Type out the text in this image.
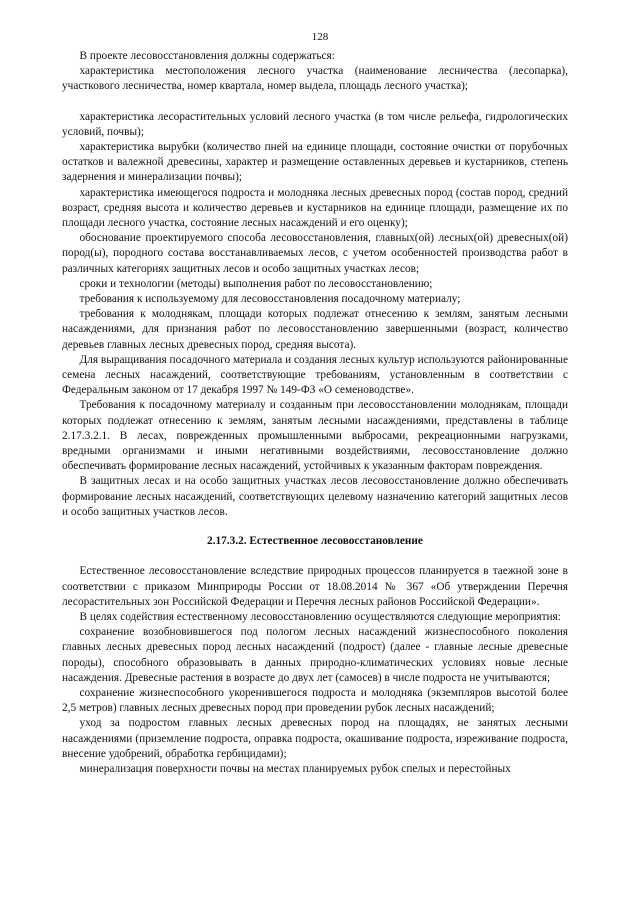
128

В проекте лесовосстановления должны содержаться:

характеристика местоположения лесного участка (наименование лесничества (лесопарка), участкового лесничества, номер квартала, номер выдела, площадь лесного участка);

характеристика лесорастительных условий лесного участка (в том числе рельефа, гидрологических условий, почвы);

характеристика вырубки (количество пней на единице площади, состояние очистки от порубочных остатков и валежной древесины, характер и размещение оставленных деревьев и кустарников, степень задернения и минерализации почвы);

характеристика имеющегося подроста и молодняка лесных древесных пород (состав пород, средний возраст, средняя высота и количество деревьев и кустарников на единице площади, размещение их по площади лесного участка, состояние лесных насаждений и его оценку);

обоснование проектируемого способа лесовосстановления, главных(ой) лесных(ой) древесных(ой) пород(ы), породного состава восстанавливаемых лесов, с учетом особенностей производства работ в различных категориях защитных лесов и особо защитных участках лесов;

сроки и технологии (методы) выполнения работ по лесовосстановлению;

требования к используемому для лесовосстановления посадочному материалу;

требования к молоднякам, площади которых подлежат отнесению к землям, занятым лесными насаждениями, для признания работ по лесовосстановлению завершенными (возраст, количество деревьев главных лесных древесных пород, средняя высота).

Для выращивания посадочного материала и создания лесных культур используются районированные семена лесных насаждений, соответствующие требованиям, установленным в соответствии с Федеральным законом от 17 декабря 1997 № 149-ФЗ «О семеноводстве».

Требования к посадочному материалу и созданным при лесовосстановлении молоднякам, площади которых подлежат отнесению к землям, занятым лесными насаждениями, представлены в таблице 2.17.3.2.1. В лесах, поврежденных промышленными выбросами, рекреационными нагрузками, вредными организмами и иными негативными воздействиями, лесовосстановление должно обеспечивать формирование лесных насаждений, устойчивых к указанным факторам повреждения.

В защитных лесах и на особо защитных участках лесов лесовосстановление должно обеспечивать формирование лесных насаждений, соответствующих целевому назначению категорий защитных лесов и особо защитных участков лесов.

2.17.3.2. Естественное лесовосстановление

Естественное лесовосстановление вследствие природных процессов планируется в таежной зоне в соответствии с приказом Минприроды России от 18.08.2014 № 367 «Об утверждении Перечня лесорастительных зон Российской Федерации и Перечня лесных районов Российской Федерации».

В целях содействия естественному лесовосстановлению осуществляются следующие мероприятия:

сохранение возобновившегося под пологом лесных насаждений жизнеспособного поколения главных лесных древесных пород лесных насаждений (подрост) (далее - главные лесные древесные породы), способного образовывать в данных природно-климатических условиях новые лесные насаждения. Древесные растения в возрасте до двух лет (самосев) в числе подроста не учитываются;

сохранение жизнеспособного укоренившегося подроста и молодняка (экземпляров высотой более 2,5 метров) главных лесных древесных пород при проведении рубок лесных насаждений;

уход за подростом главных лесных древесных пород на площадях, не занятых лесными насаждениями (приземление подроста, оправка подроста, окашивание подроста, изреживание подроста, внесение удобрений, обработка гербицидами);

минерализация поверхности почвы на местах планируемых рубок спелых и перестойных
